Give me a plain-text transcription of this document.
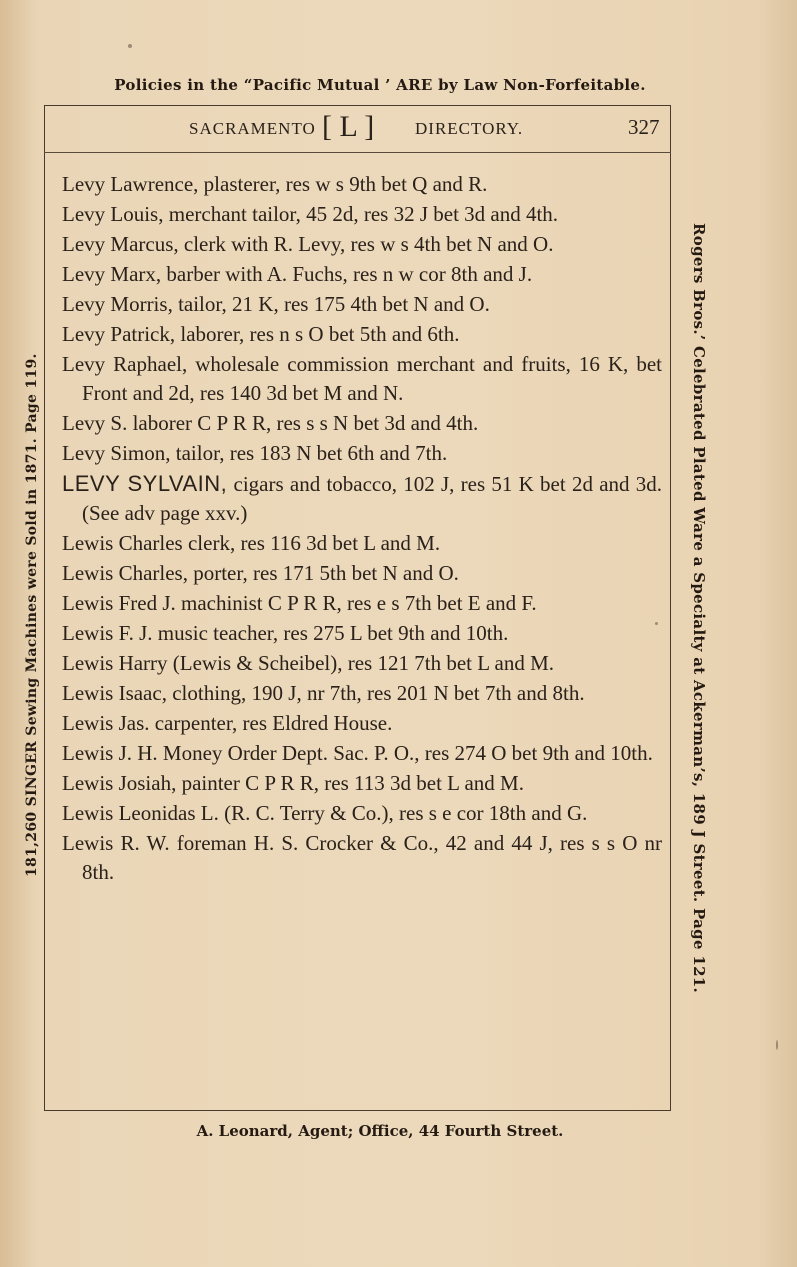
Policies in the “Pacific Mutual ’ ARE by Law Non-Forfeitable.
SACRAMENTO [ L ] DIRECTORY.	327

Levy Lawrence, plasterer, res w s 9th bet Q and R.

Levy Louis, merchant tailor, 45 2d, res 32 J bet 3d and 4th.

Levy Marcus, clerk with R. Levy, res w s 4th bet N and O.

Levy Marx, barber with A. Fuchs, res n w cor 8th and J.

Levy Morris, tailor, 21 K, res 175 4th bet N and O.

Levy Patrick, laborer, res n s O bet 5th and 6th.

Levy Raphael, wholesale commission merchant and fruits, 16 K, bet Front and 2d, res 140 3d bet M and N.

Levy S. laborer C P R R, res s s N bet 3d and 4th.

Levy Simon, tailor, res 183 N bet 6th and 7th.

LEVY SYLVAIN, cigars and tobacco, 102 J, res 51 K bet 2d and 3d. (See adv page xxv.)

Lewis Charles clerk, res 116 3d bet L and M.

Lewis Charles, porter, res 171 5th bet N and O.

Lewis Fred J. machinist C P R R, res e s 7th bet E and F.

Lewis F. J. music teacher, res 275 L bet 9th and 10th.

Lewis Harry (Lewis & Scheibel), res 121 7th bet L and M.

Lewis Isaac, clothing, 190 J, nr 7th, res 201 N bet 7th and 8th.

Lewis Jas. carpenter, res Eldred House.

Lewis J. H. Money Order Dept. Sac. P. O., res 274 O bet 9th and 10th.

Lewis Josiah, painter C P R R, res 113 3d bet L and M.

Lewis Leonidas L. (R. C. Terry & Co.), res s e cor 18th and G.

Lewis R. W. foreman H. S. Crocker & Co., 42 and 44 J, res s s O nr 8th.

181,260 SINGER Sewing Machines were Sold in 1871. Page 119.	Rogers Bros.’ Celebrated Plated Ware a Specialty at Ackerman’s, 189 J Street. Page 121.
A. Leonard, Agent; Office, 44 Fourth Street.
